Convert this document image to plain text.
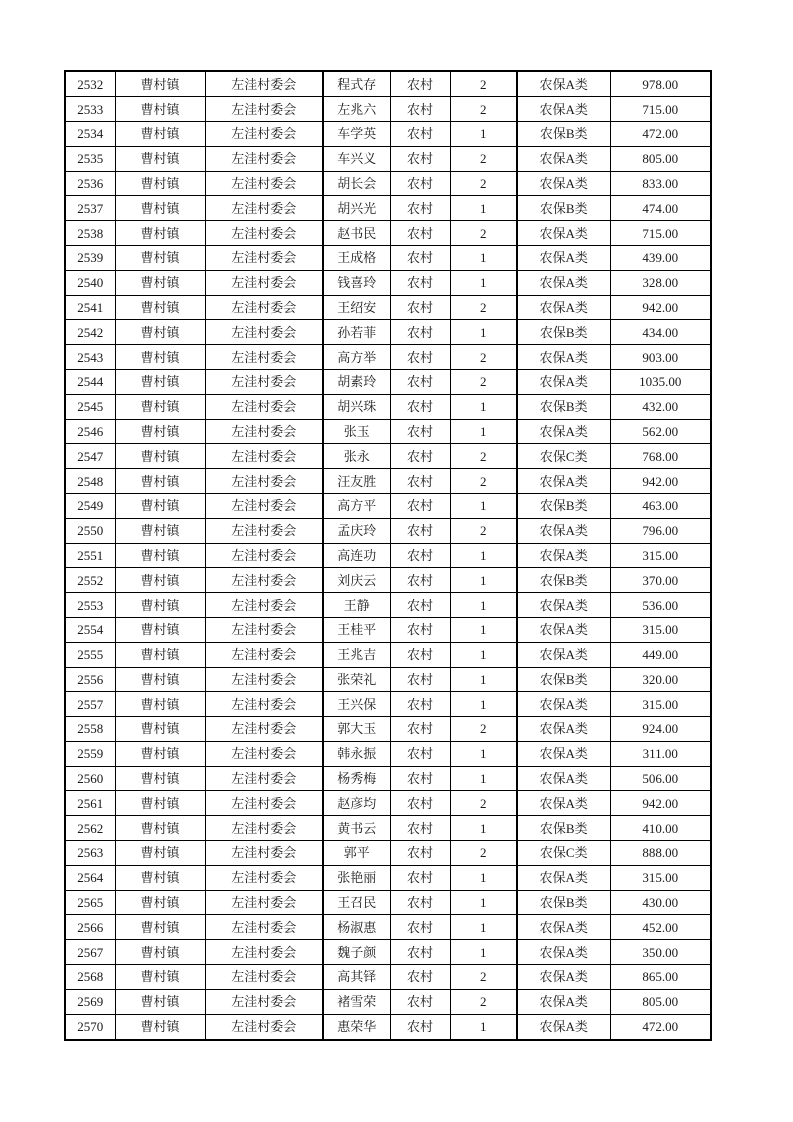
2532	曹村镇	左洼村委会	程式存	农村	2	农保A类	978.00
2533	曹村镇	左洼村委会	左兆六	农村	2	农保A类	715.00
2534	曹村镇	左洼村委会	车学英	农村	1	农保B类	472.00
2535	曹村镇	左洼村委会	车兴义	农村	2	农保A类	805.00
2536	曹村镇	左洼村委会	胡长会	农村	2	农保A类	833.00
2537	曹村镇	左洼村委会	胡兴光	农村	1	农保B类	474.00
2538	曹村镇	左洼村委会	赵书民	农村	2	农保A类	715.00
2539	曹村镇	左洼村委会	王成格	农村	1	农保A类	439.00
2540	曹村镇	左洼村委会	钱喜玲	农村	1	农保A类	328.00
2541	曹村镇	左洼村委会	王绍安	农村	2	农保A类	942.00
2542	曹村镇	左洼村委会	孙若菲	农村	1	农保B类	434.00
2543	曹村镇	左洼村委会	高方举	农村	2	农保A类	903.00
2544	曹村镇	左洼村委会	胡素玲	农村	2	农保A类	1035.00
2545	曹村镇	左洼村委会	胡兴珠	农村	1	农保B类	432.00
2546	曹村镇	左洼村委会	张玉	农村	1	农保A类	562.00
2547	曹村镇	左洼村委会	张永	农村	2	农保C类	768.00
2548	曹村镇	左洼村委会	汪友胜	农村	2	农保A类	942.00
2549	曹村镇	左洼村委会	高方平	农村	1	农保B类	463.00
2550	曹村镇	左洼村委会	孟庆玲	农村	2	农保A类	796.00
2551	曹村镇	左洼村委会	高连功	农村	1	农保A类	315.00
2552	曹村镇	左洼村委会	刘庆云	农村	1	农保B类	370.00
2553	曹村镇	左洼村委会	王静	农村	1	农保A类	536.00
2554	曹村镇	左洼村委会	王桂平	农村	1	农保A类	315.00
2555	曹村镇	左洼村委会	王兆吉	农村	1	农保A类	449.00
2556	曹村镇	左洼村委会	张荣礼	农村	1	农保B类	320.00
2557	曹村镇	左洼村委会	王兴保	农村	1	农保A类	315.00
2558	曹村镇	左洼村委会	郭大玉	农村	2	农保A类	924.00
2559	曹村镇	左洼村委会	韩永振	农村	1	农保A类	311.00
2560	曹村镇	左洼村委会	杨秀梅	农村	1	农保A类	506.00
2561	曹村镇	左洼村委会	赵彦均	农村	2	农保A类	942.00
2562	曹村镇	左洼村委会	黄书云	农村	1	农保B类	410.00
2563	曹村镇	左洼村委会	郭平	农村	2	农保C类	888.00
2564	曹村镇	左洼村委会	张艳丽	农村	1	农保A类	315.00
2565	曹村镇	左洼村委会	王召民	农村	1	农保B类	430.00
2566	曹村镇	左洼村委会	杨淑惠	农村	1	农保A类	452.00
2567	曹村镇	左洼村委会	魏子颜	农村	1	农保A类	350.00
2568	曹村镇	左洼村委会	高其铎	农村	2	农保A类	865.00
2569	曹村镇	左洼村委会	褚雪荣	农村	2	农保A类	805.00
2570	曹村镇	左洼村委会	惠荣华	农村	1	农保A类	472.00
